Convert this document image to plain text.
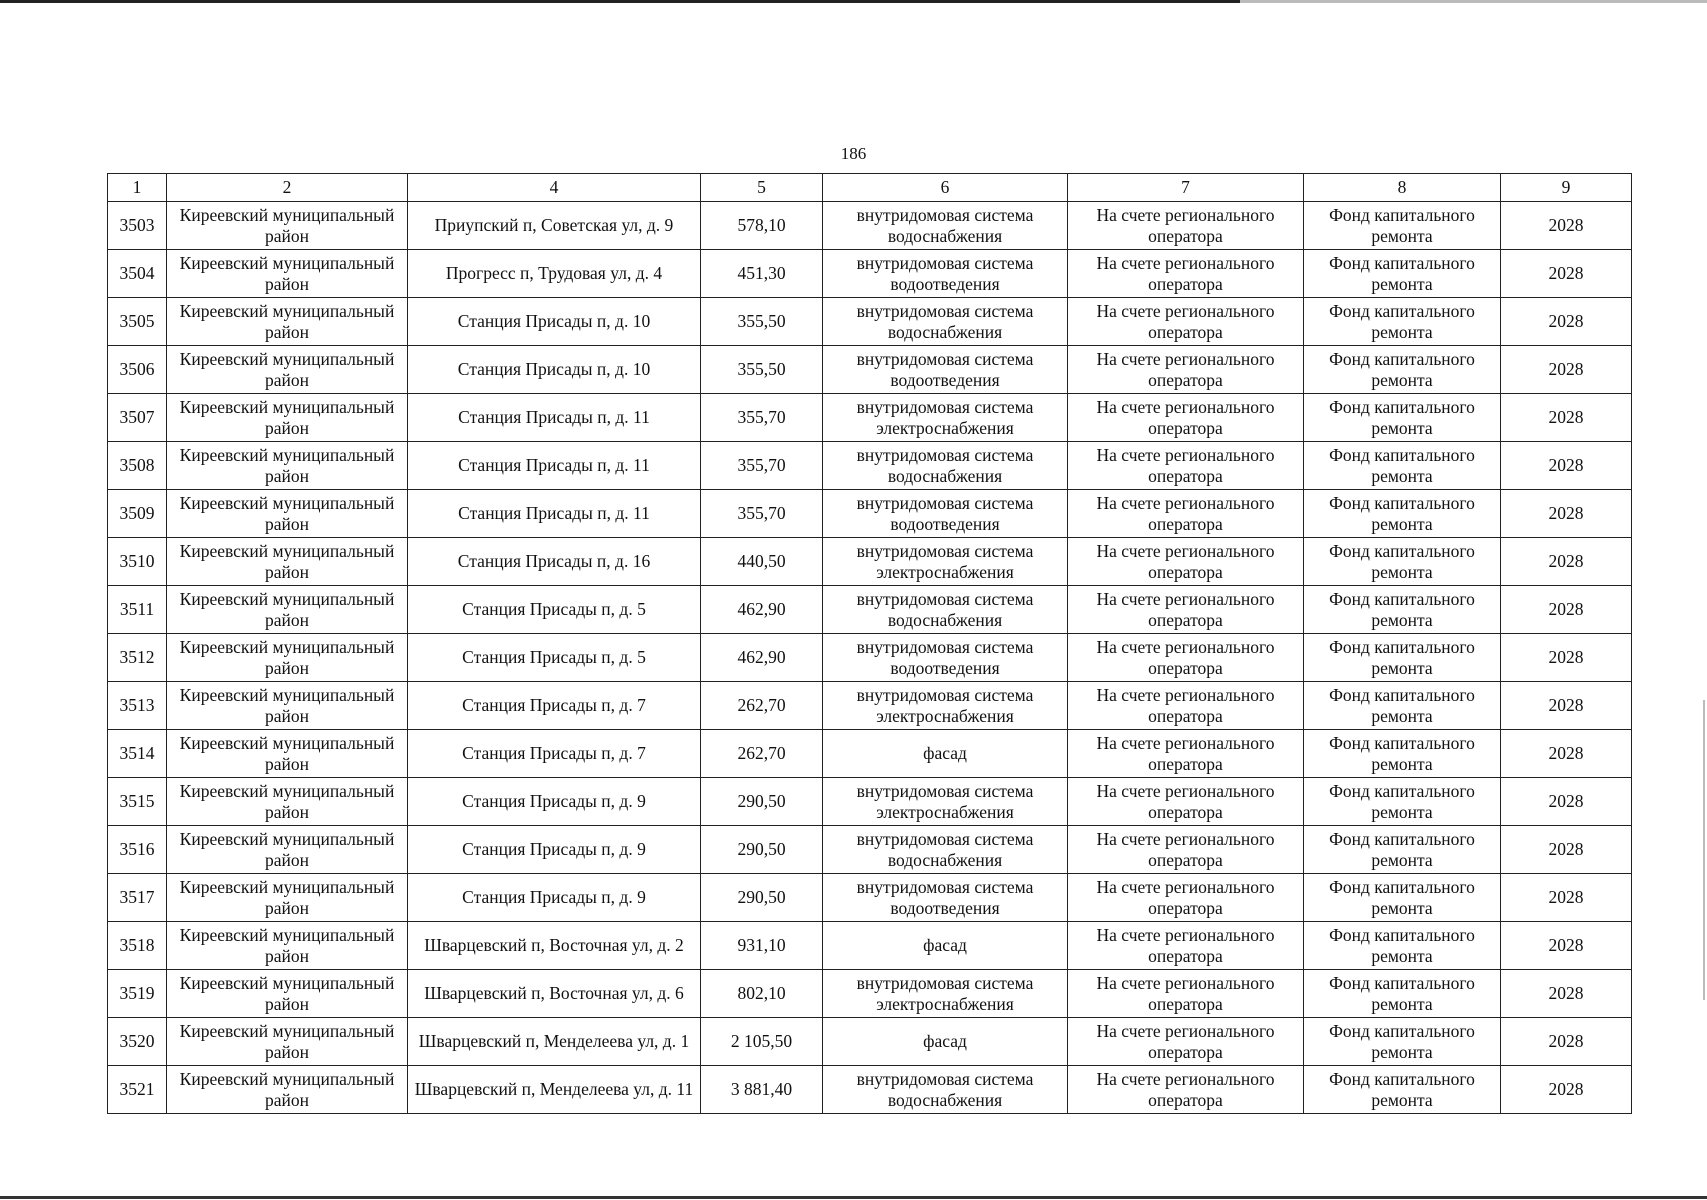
186
1	2	4	5	6	7	8	9
3503	Киреевский муниципальный район	Приупский п, Советская ул, д. 9	578,10	внутридомовая система водоснабжения	На счете регионального оператора	Фонд капитального ремонта	2028
3504	Киреевский муниципальный район	Прогресс п, Трудовая ул, д. 4	451,30	внутридомовая система водоотведения	На счете регионального оператора	Фонд капитального ремонта	2028
3505	Киреевский муниципальный район	Станция Присады п, д. 10	355,50	внутридомовая система водоснабжения	На счете регионального оператора	Фонд капитального ремонта	2028
3506	Киреевский муниципальный район	Станция Присады п, д. 10	355,50	внутридомовая система водоотведения	На счете регионального оператора	Фонд капитального ремонта	2028
3507	Киреевский муниципальный район	Станция Присады п, д. 11	355,70	внутридомовая система электроснабжения	На счете регионального оператора	Фонд капитального ремонта	2028
3508	Киреевский муниципальный район	Станция Присады п, д. 11	355,70	внутридомовая система водоснабжения	На счете регионального оператора	Фонд капитального ремонта	2028
3509	Киреевский муниципальный район	Станция Присады п, д. 11	355,70	внутридомовая система водоотведения	На счете регионального оператора	Фонд капитального ремонта	2028
3510	Киреевский муниципальный район	Станция Присады п, д. 16	440,50	внутридомовая система электроснабжения	На счете регионального оператора	Фонд капитального ремонта	2028
3511	Киреевский муниципальный район	Станция Присады п, д. 5	462,90	внутридомовая система водоснабжения	На счете регионального оператора	Фонд капитального ремонта	2028
3512	Киреевский муниципальный район	Станция Присады п, д. 5	462,90	внутридомовая система водоотведения	На счете регионального оператора	Фонд капитального ремонта	2028
3513	Киреевский муниципальный район	Станция Присады п, д. 7	262,70	внутридомовая система электроснабжения	На счете регионального оператора	Фонд капитального ремонта	2028
3514	Киреевский муниципальный район	Станция Присады п, д. 7	262,70	фасад	На счете регионального оператора	Фонд капитального ремонта	2028
3515	Киреевский муниципальный район	Станция Присады п, д. 9	290,50	внутридомовая система электроснабжения	На счете регионального оператора	Фонд капитального ремонта	2028
3516	Киреевский муниципальный район	Станция Присады п, д. 9	290,50	внутридомовая система водоснабжения	На счете регионального оператора	Фонд капитального ремонта	2028
3517	Киреевский муниципальный район	Станция Присады п, д. 9	290,50	внутридомовая система водоотведения	На счете регионального оператора	Фонд капитального ремонта	2028
3518	Киреевский муниципальный район	Шварцевский п, Восточная ул, д. 2	931,10	фасад	На счете регионального оператора	Фонд капитального ремонта	2028
3519	Киреевский муниципальный район	Шварцевский п, Восточная ул, д. 6	802,10	внутридомовая система электроснабжения	На счете регионального оператора	Фонд капитального ремонта	2028
3520	Киреевский муниципальный район	Шварцевский п, Менделеева ул, д. 1	2 105,50	фасад	На счете регионального оператора	Фонд капитального ремонта	2028
3521	Киреевский муниципальный район	Шварцевский п, Менделеева ул, д. 11	3 881,40	внутридомовая система водоснабжения	На счете регионального оператора	Фонд капитального ремонта	2028
